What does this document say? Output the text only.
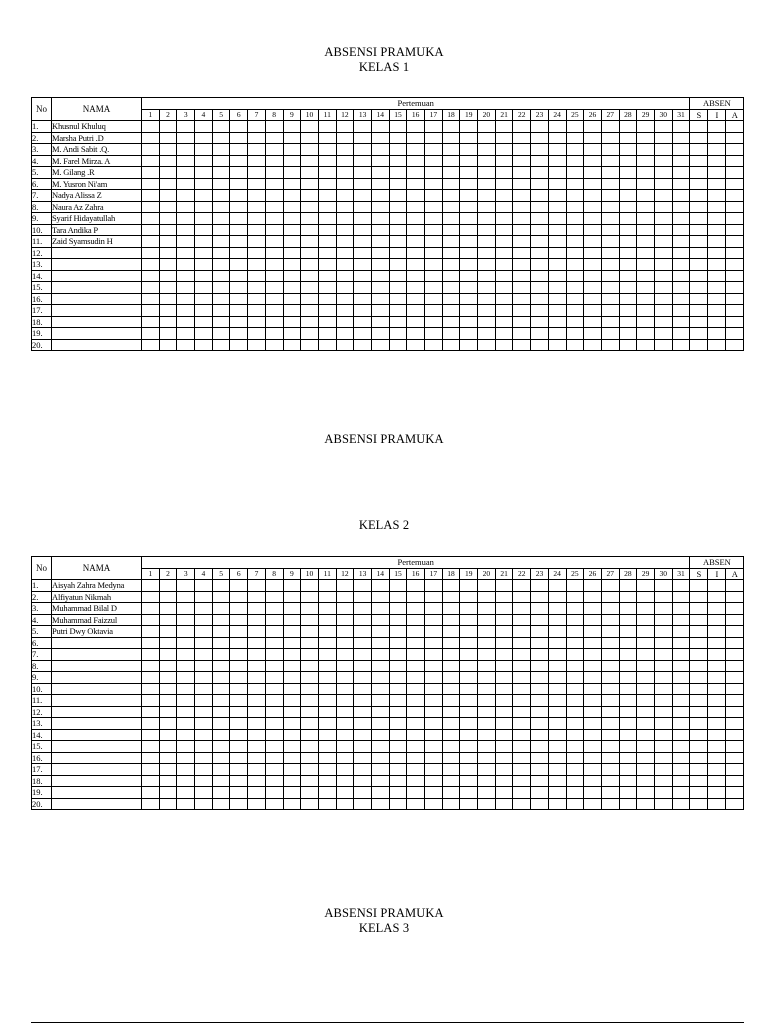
ABSENSI PRAMUKA
KELAS 1
No	NAMA	Pertemuan																															ABSEN		
		1	2	3	4	5	6	7	8	9	10	11	12	13	14	15	16	17	18	19	20	21	22	23	24	25	26	27	28	29	30	31	S	I	A
1.	Khusnul Khuluq																																		
2.	Marsha Putri .D																																		
3.	M. Andi Sabit .Q.																																		
4.	M. Farel Mirza. A																																		
5.	M. Gilang .R																																		
6.	M. Yusron Ni'am																																		
7.	Nadya Alissa Z																																		
8.	Naura Az Zahra																																		
9.	Syarif Hidayatullah																																		
10.	Tara Andika P																																		
11.	Zaid Syamsudin H																																		
12.																																			
13.																																			
14.																																			
15.																																			
16.																																			
17.																																			
18.																																			
19.																																			
20.																																			
ABSENSI PRAMUKA
KELAS 2
No	NAMA	Pertemuan																															ABSEN		
		1	2	3	4	5	6	7	8	9	10	11	12	13	14	15	16	17	18	19	20	21	22	23	24	25	26	27	28	29	30	31	S	I	A
1.	Aisyah Zahra Medyna																																		
2.	Alfiyatun Nikmah																																		
3.	Muhammad Bilal D																																		
4.	Muhammad Faizzul																																		
5.	Putri Dwy Oktavia																																		
6.																																			
7.																																			
8.																																			
9.																																			
10.																																			
11.																																			
12.																																			
13.																																			
14.																																			
15.																																			
16.																																			
17.																																			
18.																																			
19.																																			
20.																																			
ABSENSI PRAMUKA
KELAS 3
